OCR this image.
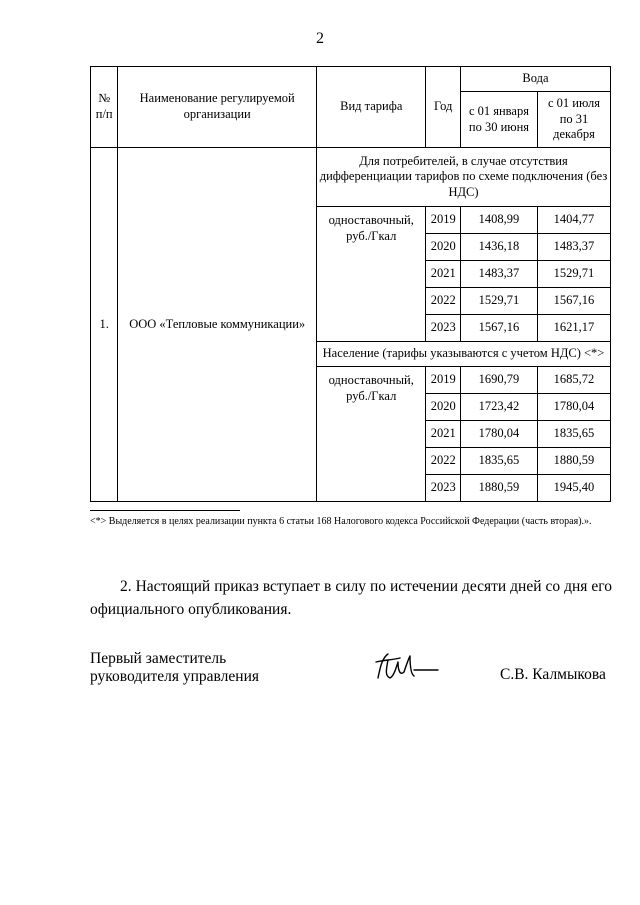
2
№ п/п	Наименование регулируемой организации	Вид тарифа	Год	Вода	
				с 01 января по 30 июня	с 01 июля по 31 декабря
1.	ООО «Тепловые коммуникации»	Для потребителей, в случае отсутствия дифференциации тарифов по схеме подключения (без НДС)			
		одноставочный, руб./Гкал	2019	1408,99	1404,77
			2020	1436,18	1483,37
			2021	1483,37	1529,71
			2022	1529,71	1567,16
			2023	1567,16	1621,17
		Население (тарифы указываются с учетом НДС) <*>			
		одноставочный, руб./Гкал	2019	1690,79	1685,72
			2020	1723,42	1780,04
			2021	1780,04	1835,65
			2022	1835,65	1880,59
			2023	1880,59	1945,40
<*> Выделяется в целях реализации пункта 6 статьи 168 Налогового кодекса Российской Федерации (часть вторая).».
2. Настоящий приказ вступает в силу по истечении десяти дней со дня его официального опубликования.
Первый заместитель
руководителя управления	С.В. Калмыкова
